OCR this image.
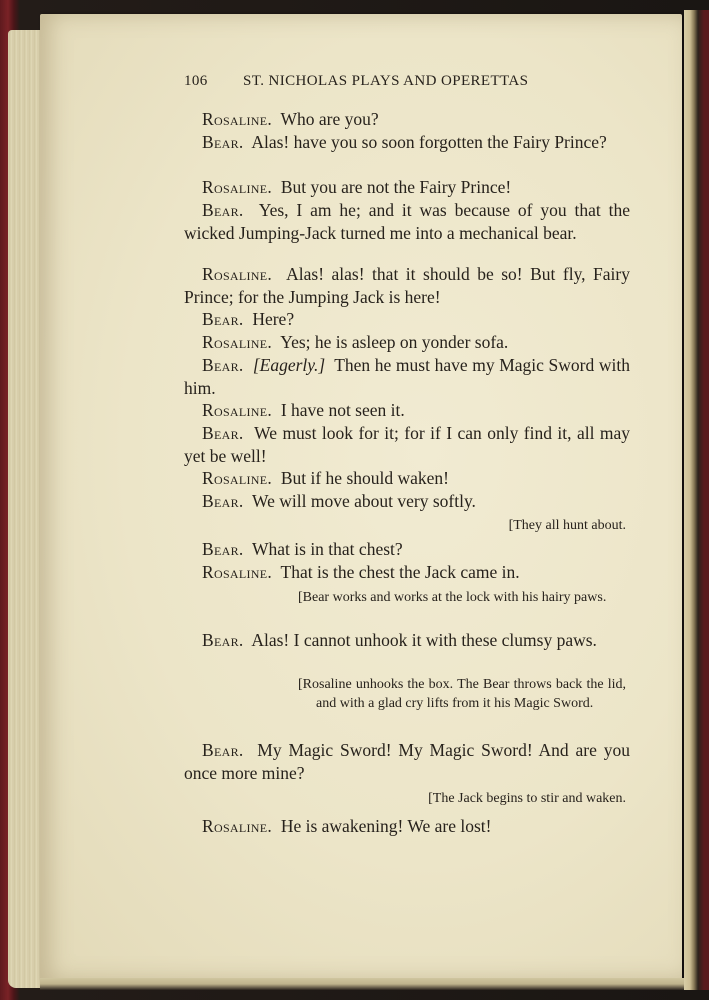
106 ST. NICHOLAS PLAYS AND OPERETTAS
Rosaline. Who are you?
Bear. Alas! have you so soon forgotten the Fairy Prince?
Rosaline. But you are not the Fairy Prince!
Bear. Yes, I am he; and it was because of you that the wicked Jumping-Jack turned me into a mechanical bear.
Rosaline. Alas! alas! that it should be so! But fly, Fairy Prince; for the Jumping Jack is here!
Bear. Here?
Rosaline. Yes; he is asleep on yonder sofa.
Bear. [Eagerly.] Then he must have my Magic Sword with him.
Rosaline. I have not seen it.
Bear. We must look for it; for if I can only find it, all may yet be well!
Rosaline. But if he should waken!
Bear. We will move about very softly.
[They all hunt about.
Bear. What is in that chest?
Rosaline. That is the chest the Jack came in.
[Bear works and works at the lock with his hairy paws.
Bear. Alas! I cannot unhook it with these clumsy paws.
[Rosaline unhooks the box. The Bear throws back the lid, and with a glad cry lifts from it his Magic Sword.
Bear. My Magic Sword! My Magic Sword! And are you once more mine?
[The Jack begins to stir and waken.
Rosaline. He is awakening! We are lost!
